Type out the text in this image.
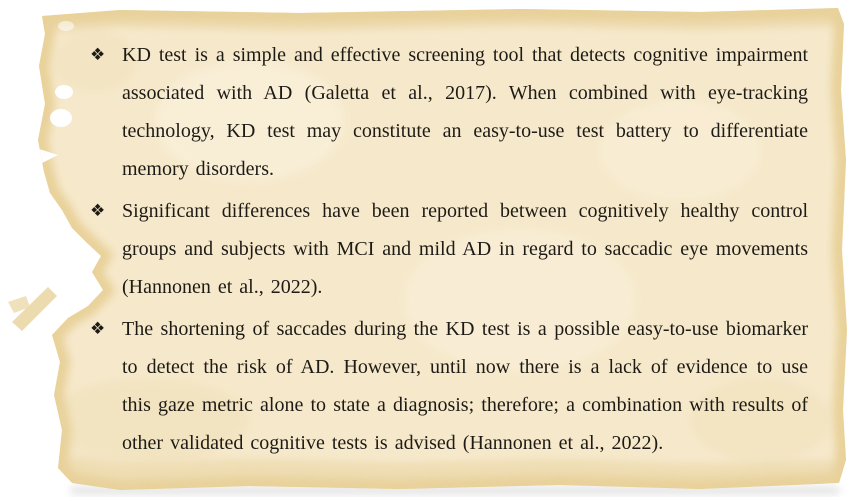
❖ KD test is a simple and effective screening tool that detects cognitive impairment associated with AD (Galetta et al., 2017). When combined with eye-tracking technology, KD test may constitute an easy-to-use test battery to differentiate memory disorders.
❖ Significant differences have been reported between cognitively healthy control groups and subjects with MCI and mild AD in regard to saccadic eye movements (Hannonen et al., 2022).
❖ The shortening of saccades during the KD test is a possible easy-to-use biomarker to detect the risk of AD. However, until now there is a lack of evidence to use this gaze metric alone to state a diagnosis; therefore; a combination with results of other validated cognitive tests is advised (Hannonen et al., 2022).
